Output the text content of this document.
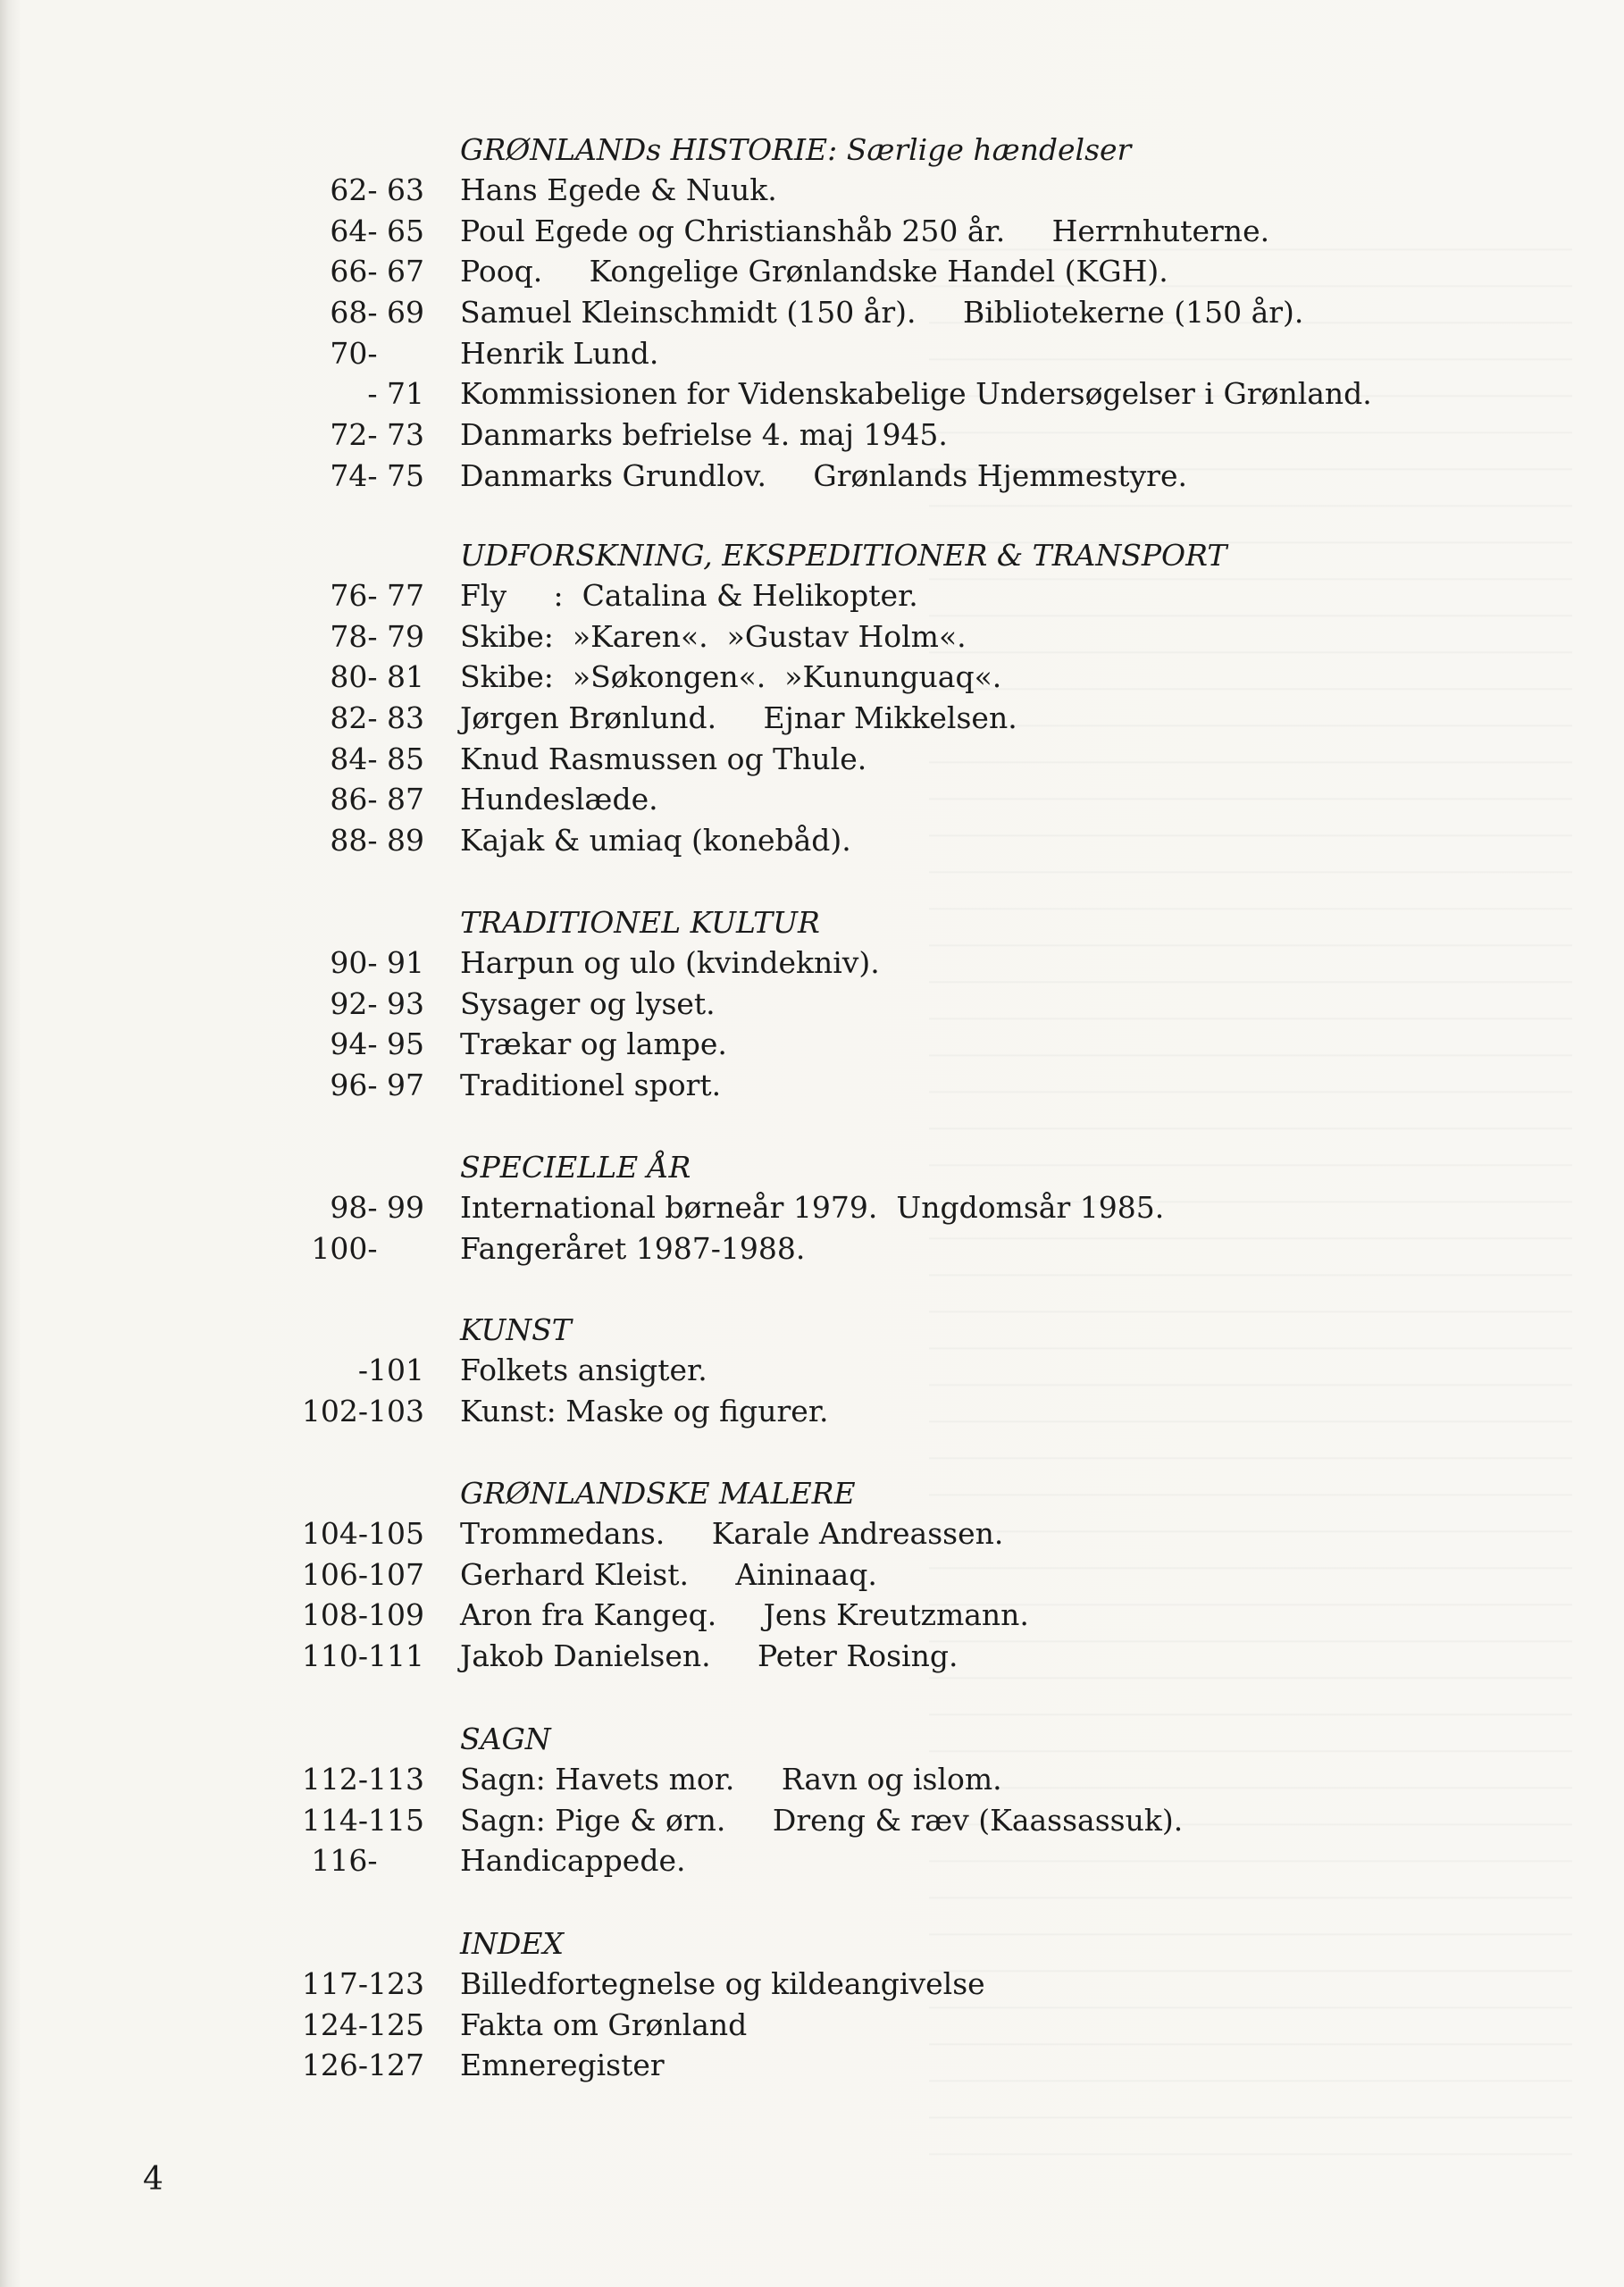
GRØNLANDs HISTORIE: Særlige hændelser
62- 63 Hans Egede & Nuuk.
64- 65 Poul Egede og Christianshåb 250 år.     Herrnhuterne.
66- 67 Pooq.     Kongelige Grønlandske Handel (KGH).
68- 69 Samuel Kleinschmidt (150 år).     Bibliotekerne (150 år).
70- Henrik Lund.
- 71 Kommissionen for Videnskabelige Undersøgelser i Grønland.
72- 73 Danmarks befrielse 4. maj 1945.
74- 75 Danmarks Grundlov.     Grønlands Hjemmestyre.
UDFORSKNING, EKSPEDITIONER & TRANSPORT
76- 77 Fly     :  Catalina & Helikopter.
78- 79 Skibe:  »Karen«.  »Gustav Holm«.
80- 81 Skibe:  »Søkongen«.  »Kununguaq«.
82- 83 Jørgen Brønlund.     Ejnar Mikkelsen.
84- 85 Knud Rasmussen og Thule.
86- 87 Hundeslæde.
88- 89 Kajak & umiaq (konebåd).
TRADITIONEL KULTUR
90- 91 Harpun og ulo (kvindekniv).
92- 93 Sysager og lyset.
94- 95 Trækar og lampe.
96- 97 Traditionel sport.
SPECIELLE ÅR
98- 99 International børneår 1979.  Ungdomsår 1985.
100- Fangeråret 1987-1988.
KUNST
-101 Folkets ansigter.
102-103 Kunst: Maske og figurer.
GRØNLANDSKE MALERE
104-105 Trommedans.     Karale Andreassen.
106-107 Gerhard Kleist.     Aininaaq.
108-109 Aron fra Kangeq.     Jens Kreutzmann.
110-111 Jakob Danielsen.     Peter Rosing.
SAGN
112-113 Sagn: Havets mor.     Ravn og islom.
114-115 Sagn: Pige & ørn.     Dreng & ræv (Kaassassuk).
116- Handicappede.
INDEX
117-123 Billedfortegnelse og kildeangivelse
124-125 Fakta om Grønland
126-127 Emneregister
4
